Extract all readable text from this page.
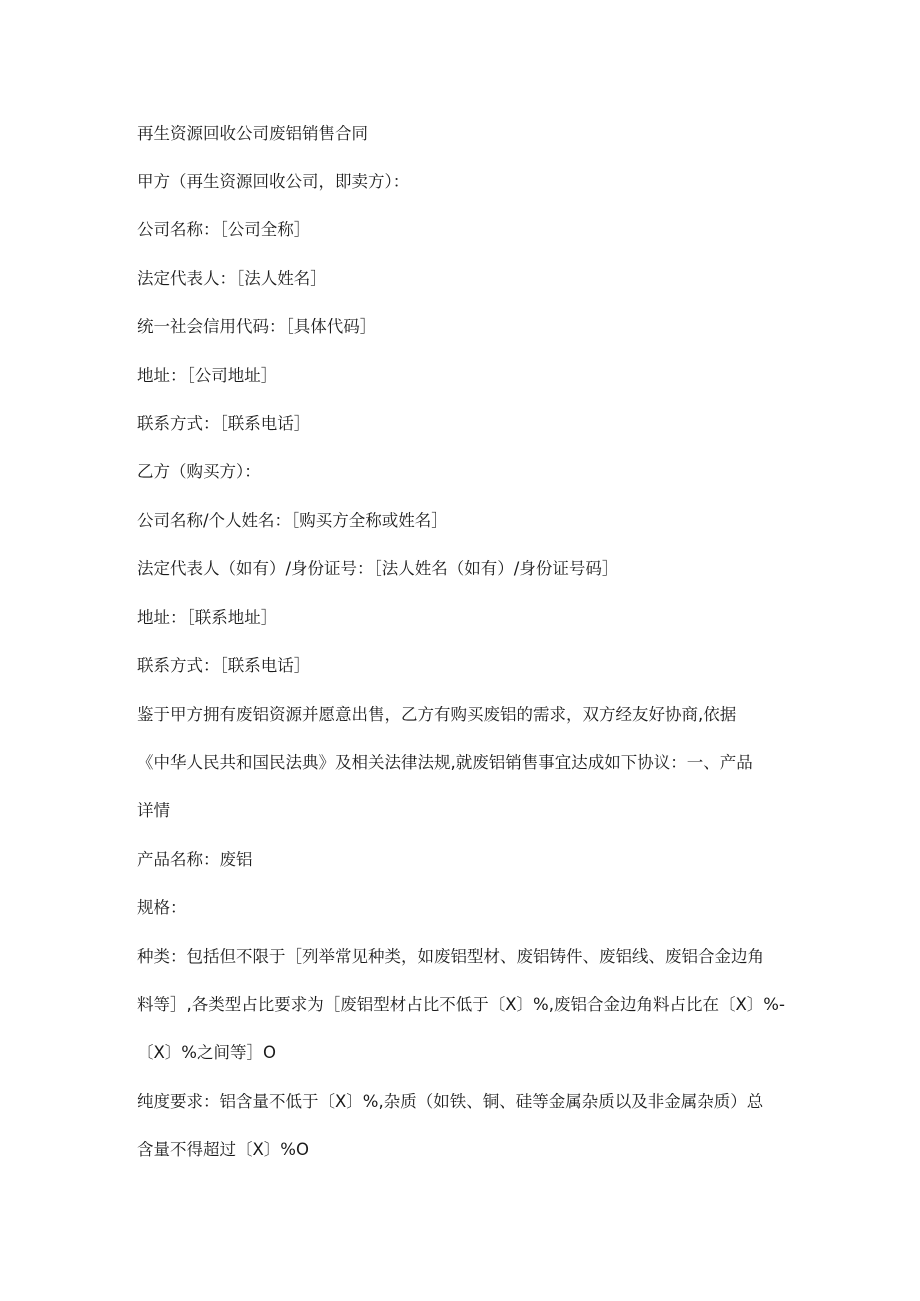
再生资源回收公司废铝销售合同
甲方（再生资源回收公司，即卖方）：
公司名称：［公司全称］
法定代表人：［法人姓名］
统一社会信用代码：［具体代码］
地址：［公司地址］
联系方式：［联系电话］
乙方（购买方）：
公司名称/个人姓名：［购买方全称或姓名］
法定代表人（如有）/身份证号：［法人姓名（如有）/身份证号码］
地址：［联系地址］
联系方式：［联系电话］
鉴于甲方拥有废铝资源并愿意出售，乙方有购买废铝的需求，双方经友好协商,依据
《中华人民共和国民法典》及相关法律法规,就废铝销售事宜达成如下协议：一、产品
详情
产品名称：废铝
规格：
种类：包括但不限于［列举常见种类，如废铝型材、废铝铸件、废铝线、废铝合金边角
料等］,各类型占比要求为［废铝型材占比不低于〔X〕%,废铝合金边角料占比在〔X〕%-
〔X〕%之间等］O
纯度要求：铝含量不低于〔X〕%,杂质（如铁、铜、硅等金属杂质以及非金属杂质）总
含量不得超过〔X〕%O
